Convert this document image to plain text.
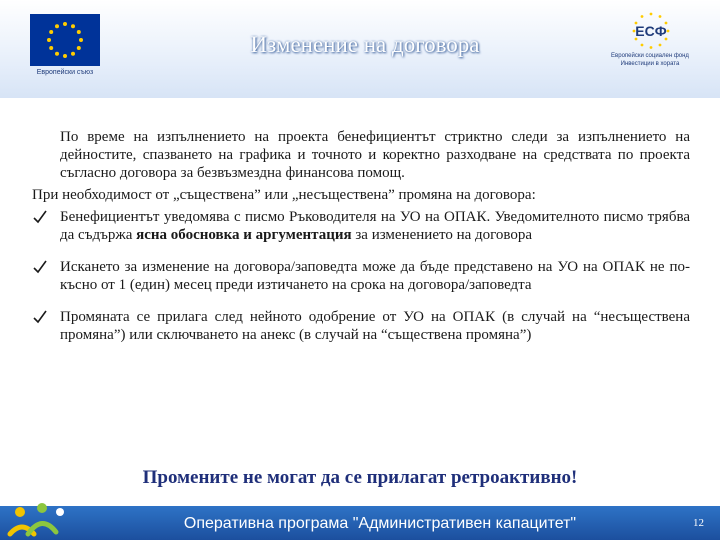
Европейски съюз
Изменение на договора
ЕСФ
Европейски социален фонд
Инвестиции в хората

По време на изпълнението на проекта бенефициентът стриктно следи за изпълнението на дейностите, спазването на графика и точното и коректно разходване на средствата по проекта съгласно договора за безвъзмездна финансова помощ.

При необходимост от „съществена” или „несъществена” промяна на договора:

Бенефициентът уведомява с писмо Ръководителя на УО на ОПАК. Уведомителното писмо трябва да съдържа ясна обосновка и аргументация за изменението на договора
Искането за изменение на договора/заповедта може да бъде представено на УО на ОПАК не по-късно от 1 (един) месец преди изтичането на срока на договора/заповедта
Промяната се прилага след нейното одобрение от УО на ОПАК (в случай на “несъществена промяна”) или сключването на анекс (в случай на “съществена промяна”)
Промените не могат да се прилагат ретроактивно!
Оперативна програма "Административен капацитет"	12
